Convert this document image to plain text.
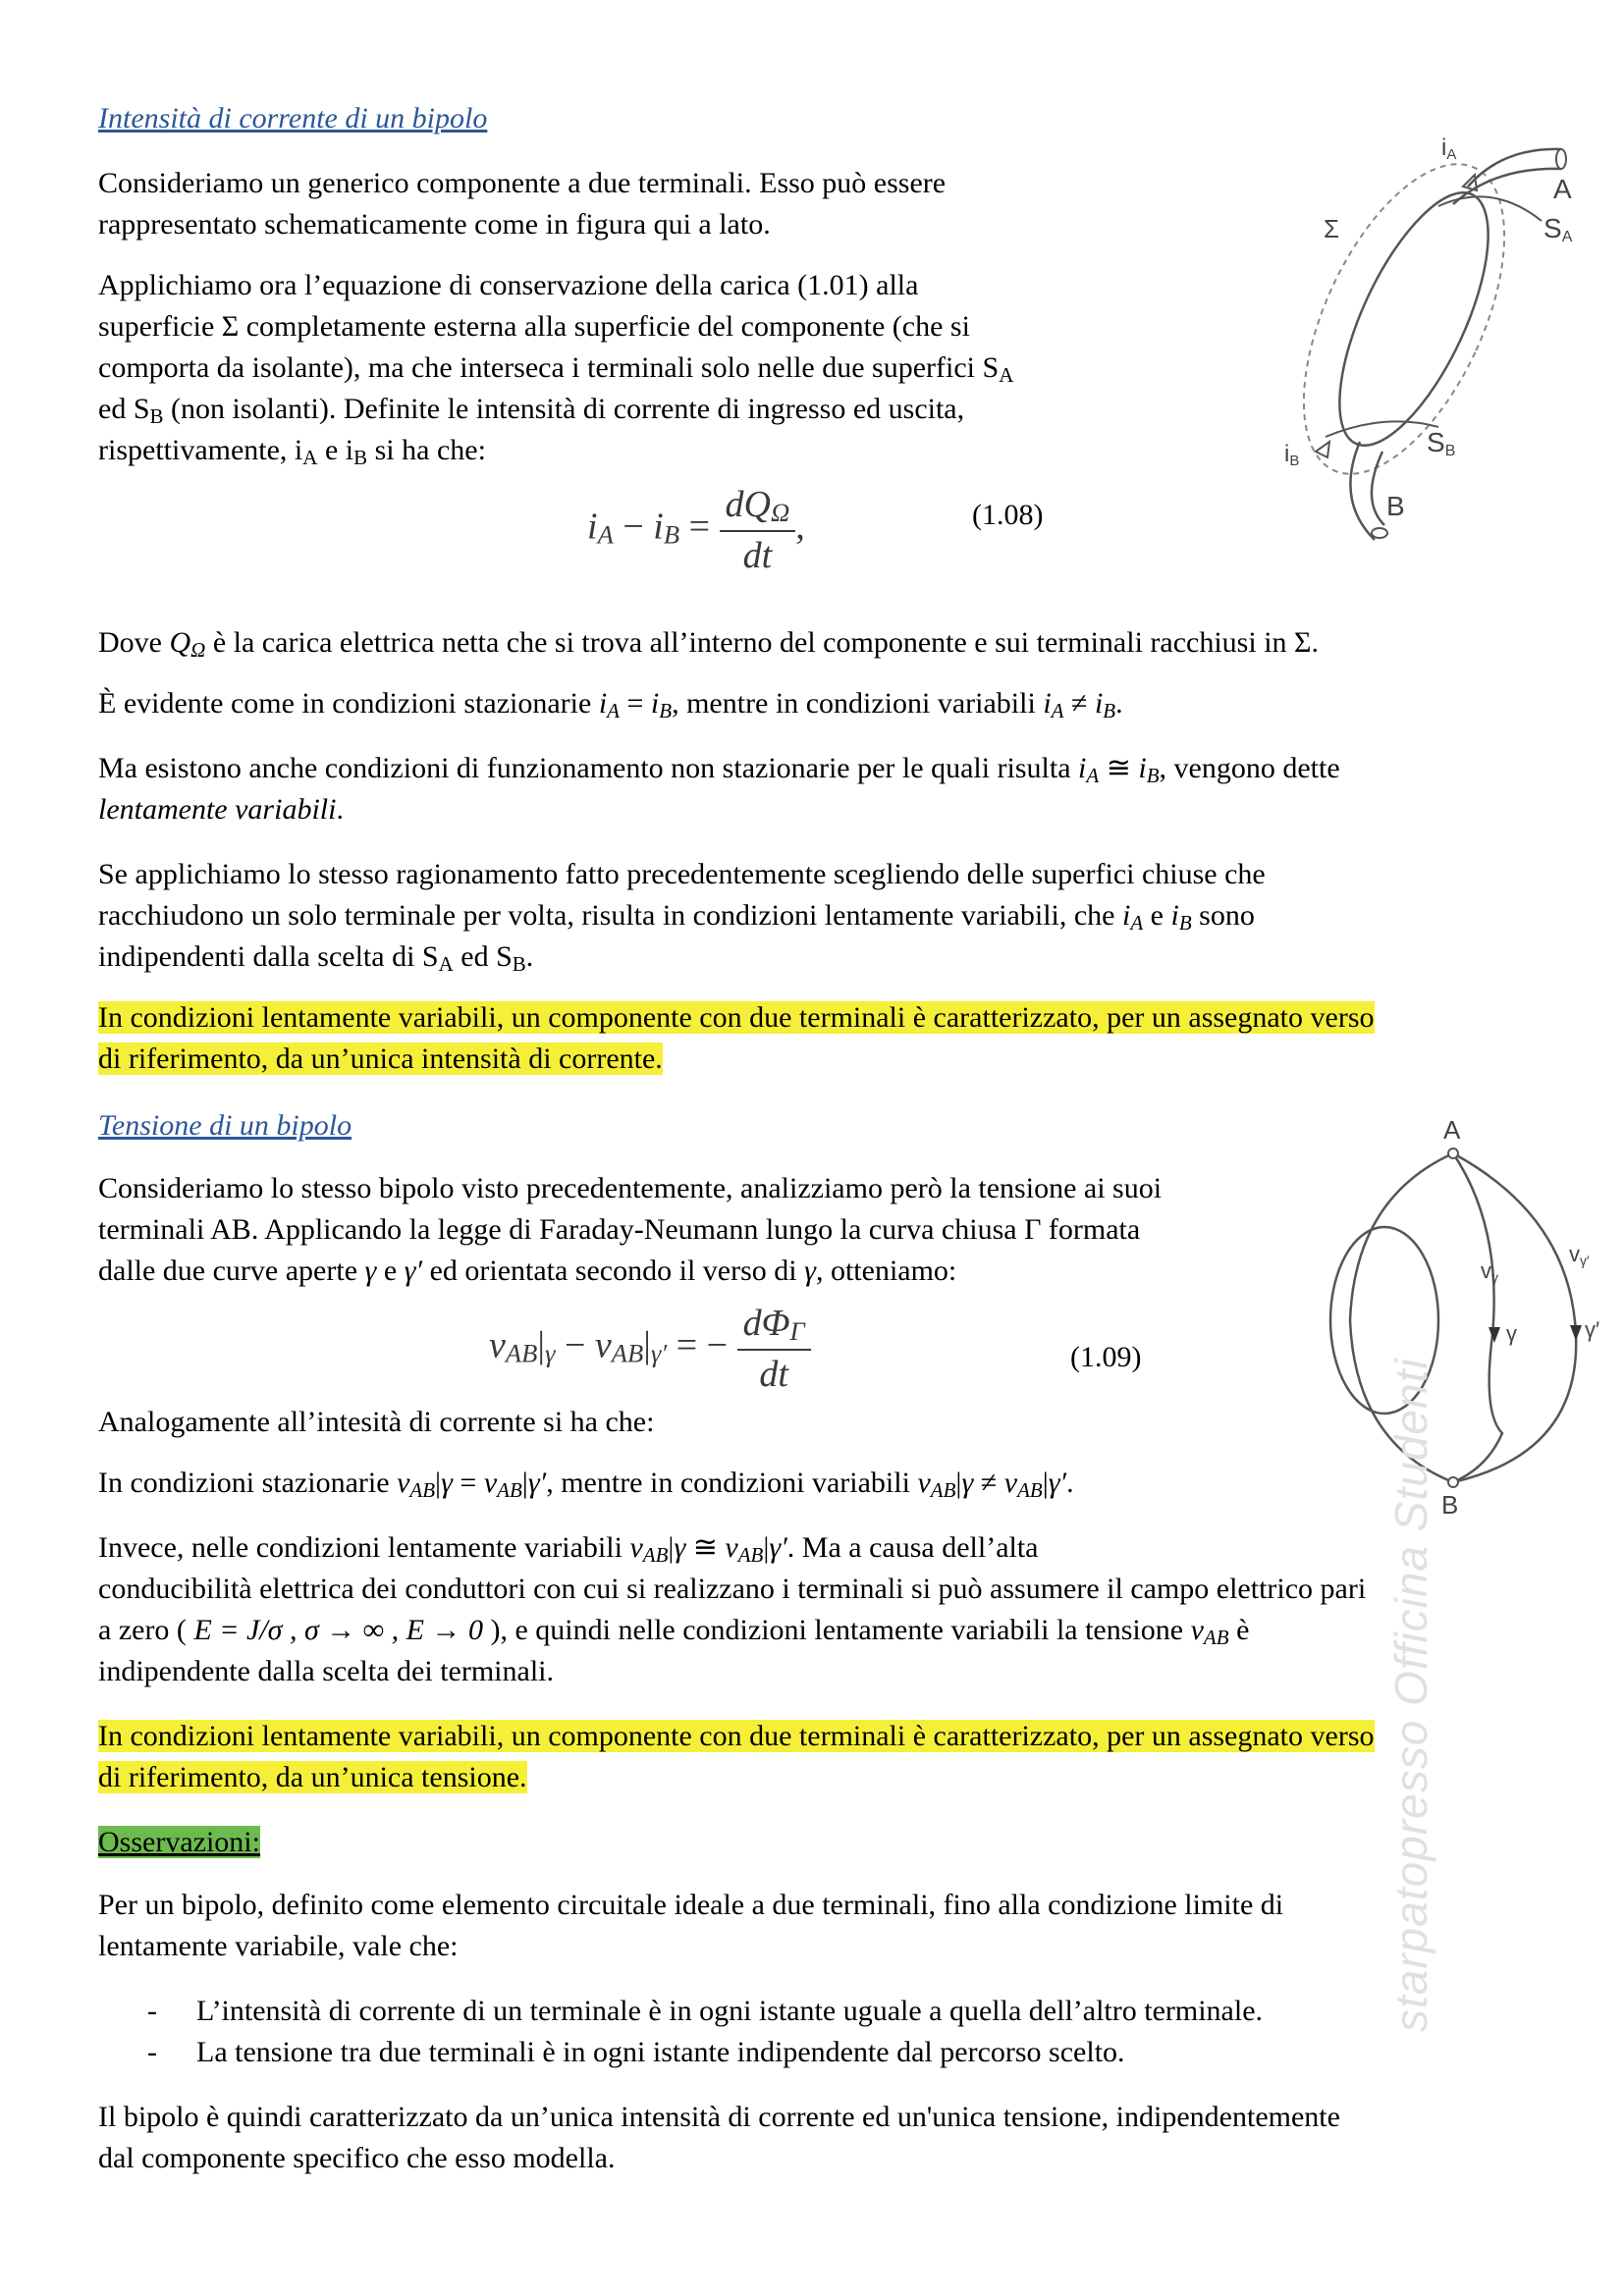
Intensità di corrente di un bipolo
Consideriamo un generico componente a due terminali. Esso può essere
rappresentato schematicamente come in figura qui a lato.
Applichiamo ora l’equazione di conservazione della carica (1.01) alla
superficie Σ completamente esterna alla superficie del componente (che si
comporta da isolante), ma che interseca i terminali solo nelle due superfici $S_A$
ed $S_B$ (non isolanti). Definite le intensità di corrente di ingresso ed uscita,
rispettivamente, $i_A$ e $i_B$ si ha che:
$i_A - i_B = \frac{dQ_\Omega}{dt}$ ,	(1.08)
iA
A
SA
Σ
iB
SB
B
Dove $Q_\Omega$ è la carica elettrica netta che si trova all’interno del componente e sui terminali racchiusi in Σ.
È evidente come in condizioni stazionarie $i_A = i_B$, mentre in condizioni variabili $i_A \ne i_B$.
Ma esistono anche condizioni di funzionamento non stazionarie per le quali risulta $i_A$ ≅ $i_B$, vengono dette
lentamente variabili.
Se applichiamo lo stesso ragionamento fatto precedentemente scegliendo delle superfici chiuse che
racchiudono un solo terminale per volta, risulta in condizioni lentamente variabili, che $i_A$ e $i_B$ sono
indipendenti dalla scelta di $S_A$ ed $S_B$.
In condizioni lentamente variabili, un componente con due terminali è caratterizzato, per un assegnato verso
di riferimento, da un’unica intensità di corrente.
Tensione di un bipolo
Consideriamo lo stesso bipolo visto precedentemente, analizziamo però la tensione ai suoi
terminali AB. Applicando la legge di Faraday-Neumann lungo la curva chiusa Γ formata
dalle due curve aperte γ e γ′ ed orientata secondo il verso di γ, otteniamo:
$v_{AB}|_\gamma - v_{AB}|_{\gamma'}$ = − $\frac{d\Phi_\Gamma}{dt}$	(1.09)
A
B
vγ
vγ′
γ	γ′
Analogamente all’intesità di corrente si ha che:
In condizioni stazionarie $v_{AB}|\gamma = v_{AB}|\gamma'$, mentre in condizioni variabili $v_{AB}|\gamma \ne v_{AB}|\gamma'$.
Invece, nelle condizioni lentamente variabili $v_{AB}|\gamma$ ≅ $v_{AB}|\gamma'$. Ma a causa dell’alta
conducibilità elettrica dei conduttori con cui si realizzano i terminali si può assumere il campo elettrico pari
a zero ( E = J/σ , σ → ∞ , E → 0 ), e quindi nelle condizioni lentamente variabili la tensione $v_{AB}$ è
indipendente dalla scelta dei terminali.
In condizioni lentamente variabili, un componente con due terminali è caratterizzato, per un assegnato verso
di riferimento, da un’unica tensione.
Osservazioni:
Per un bipolo, definito come elemento circuitale ideale a due terminali, fino alla condizione limite di
lentamente variabile, vale che:
- L’intensità di corrente di un terminale è in ogni istante uguale a quella dell’altro terminale.
- La tensione tra due terminali è in ogni istante indipendente dal percorso scelto.
Il bipolo è quindi caratterizzato da un’unica intensità di corrente ed un'unica tensione, indipendentemente
dal componente specifico che esso modella.
starpatopresso Officina Studenti
